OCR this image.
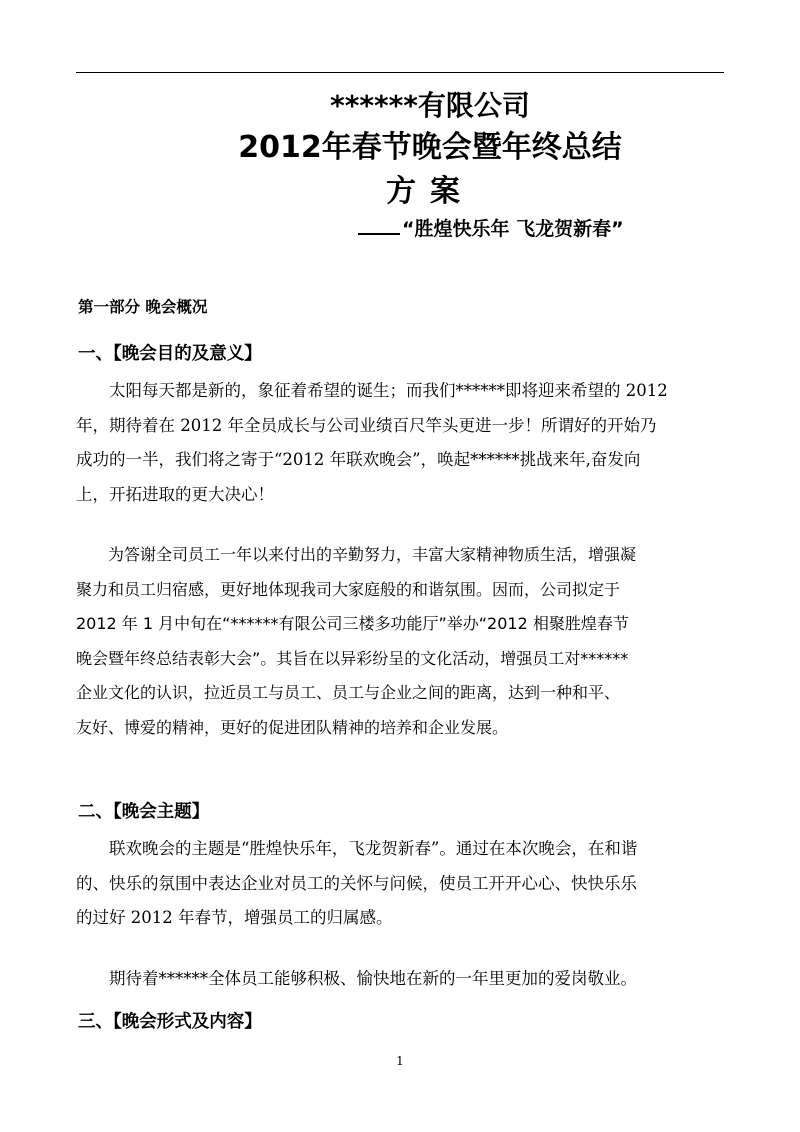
******有限公司
2012年春节晚会暨年终总结
方案
“胜煌快乐年 飞龙贺新春”
第一部分 晚会概况
一、【晚会目的及意义】
太阳每天都是新的，象征着希望的诞生；而我们******即将迎来希望的 2012
年，期待着在 2012 年全员成长与公司业绩百尺竿头更进一步！所谓好的开始乃
成功的一半，我们将之寄于“2012 年联欢晚会”，唤起******挑战来年,奋发向
上，开拓进取的更大决心！
为答谢全司员工一年以来付出的辛勤努力，丰富大家精神物质生活，增强凝
聚力和员工归宿感，更好地体现我司大家庭般的和谐氛围。因而，公司拟定于
2012 年 1 月中旬在“******有限公司三楼多功能厅”举办“2012 相聚胜煌春节
晚会暨年终总结表彰大会”。其旨在以异彩纷呈的文化活动，增强员工对******
企业文化的认识，拉近员工与员工、员工与企业之间的距离，达到一种和平、
友好、博爱的精神，更好的促进团队精神的培养和企业发展。
二、【晚会主题】
联欢晚会的主题是“胜煌快乐年，飞龙贺新春”。通过在本次晚会，在和谐
的、快乐的氛围中表达企业对员工的关怀与问候，使员工开开心心、快快乐乐
的过好 2012 年春节，增强员工的归属感。
期待着******全体员工能够积极、愉快地在新的一年里更加的爱岗敬业。
三、【晚会形式及内容】
1
